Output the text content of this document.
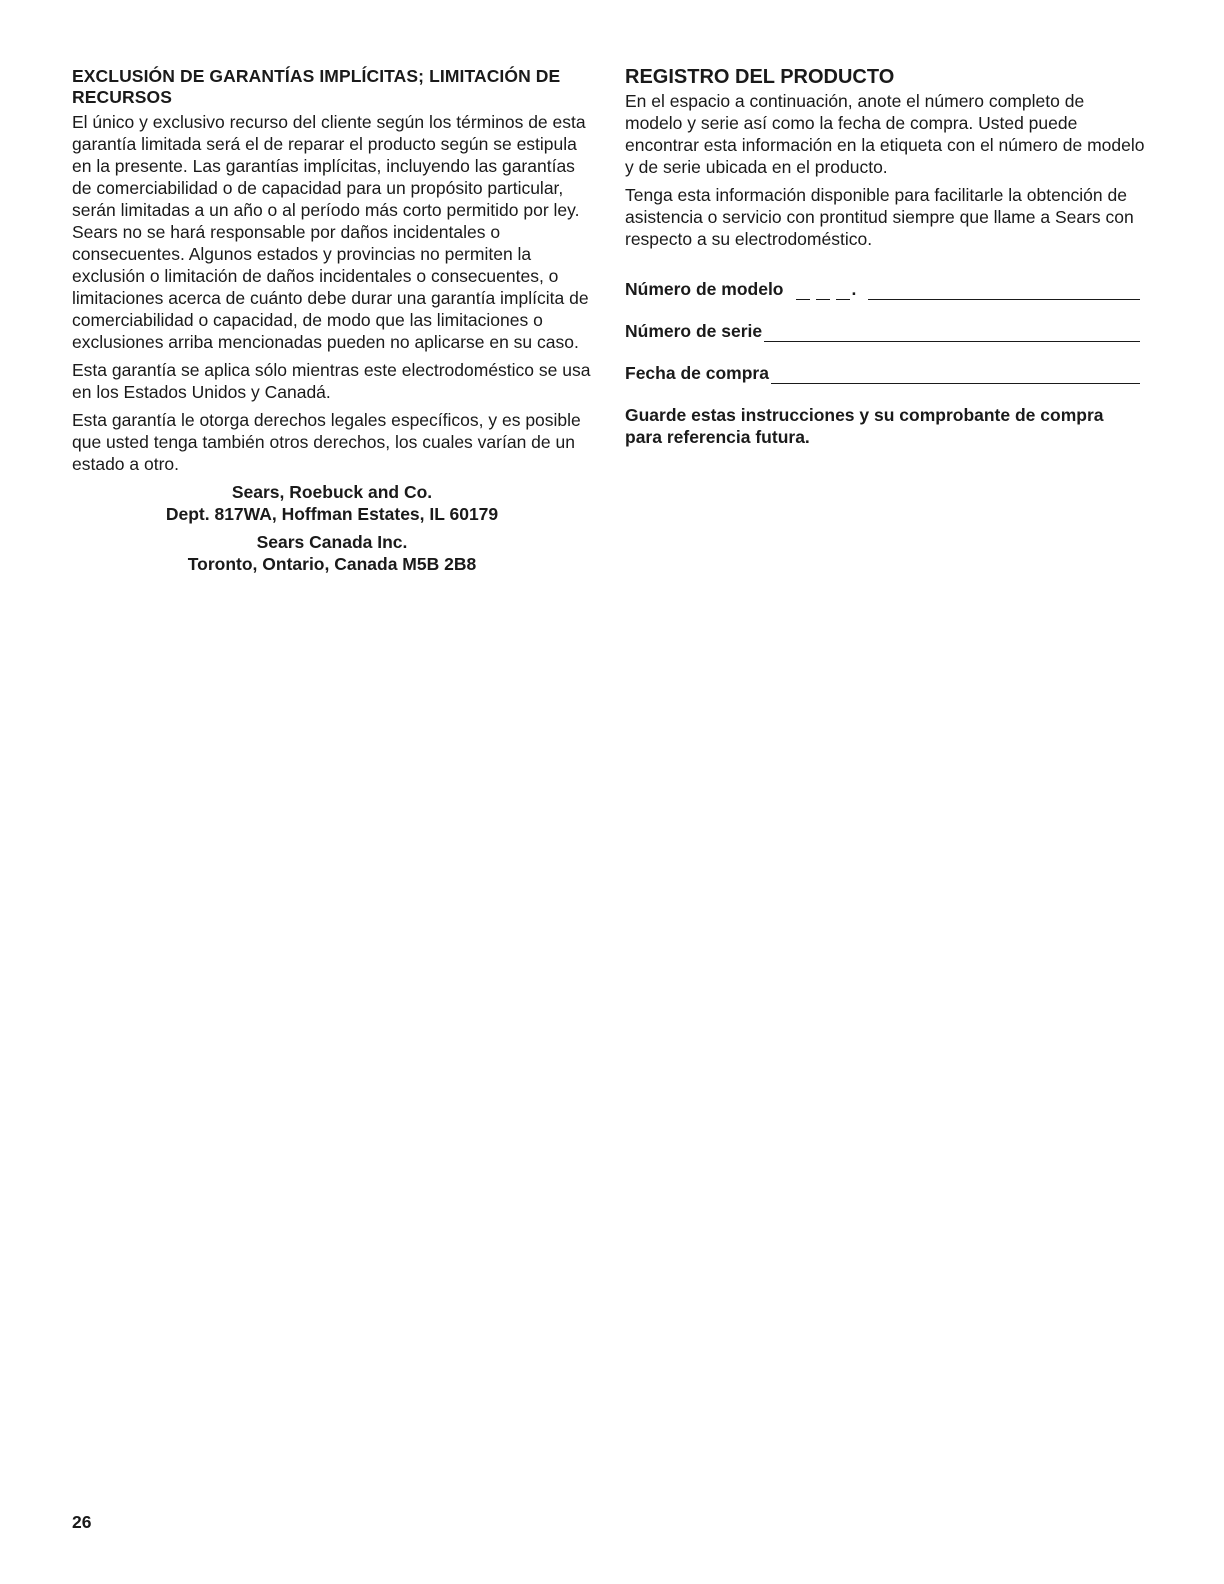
EXCLUSIÓN DE GARANTÍAS IMPLÍCITAS; LIMITACIÓN DE RECURSOS
El único y exclusivo recurso del cliente según los términos de esta garantía limitada será el de reparar el producto según se estipula en la presente. Las garantías implícitas, incluyendo las garantías de comerciabilidad o de capacidad para un propósito particular, serán limitadas a un año o al período más corto permitido por ley. Sears no se hará responsable por daños incidentales o consecuentes. Algunos estados y provincias no permiten la exclusión o limitación de daños incidentales o consecuentes, o limitaciones acerca de cuánto debe durar una garantía implícita de comerciabilidad o capacidad, de modo que las limitaciones o exclusiones arriba mencionadas pueden no aplicarse en su caso.
Esta garantía se aplica sólo mientras este electrodoméstico se usa en los Estados Unidos y Canadá.
Esta garantía le otorga derechos legales específicos, y es posible que usted tenga también otros derechos, los cuales varían de un estado a otro.
Sears, Roebuck and Co.
Dept. 817WA, Hoffman Estates, IL 60179
Sears Canada Inc.
Toronto, Ontario, Canada M5B 2B8
REGISTRO DEL PRODUCTO
En el espacio a continuación, anote el número completo de modelo y serie así como la fecha de compra. Usted puede encontrar esta información en la etiqueta con el número de modelo y de serie ubicada en el producto.
Tenga esta información disponible para facilitarle la obtención de asistencia o servicio con prontitud siempre que llame a Sears con respecto a su electrodoméstico.
Número de modelo	.
Número de serie
Fecha de compra
Guarde estas instrucciones y su comprobante de compra para referencia futura.
26
